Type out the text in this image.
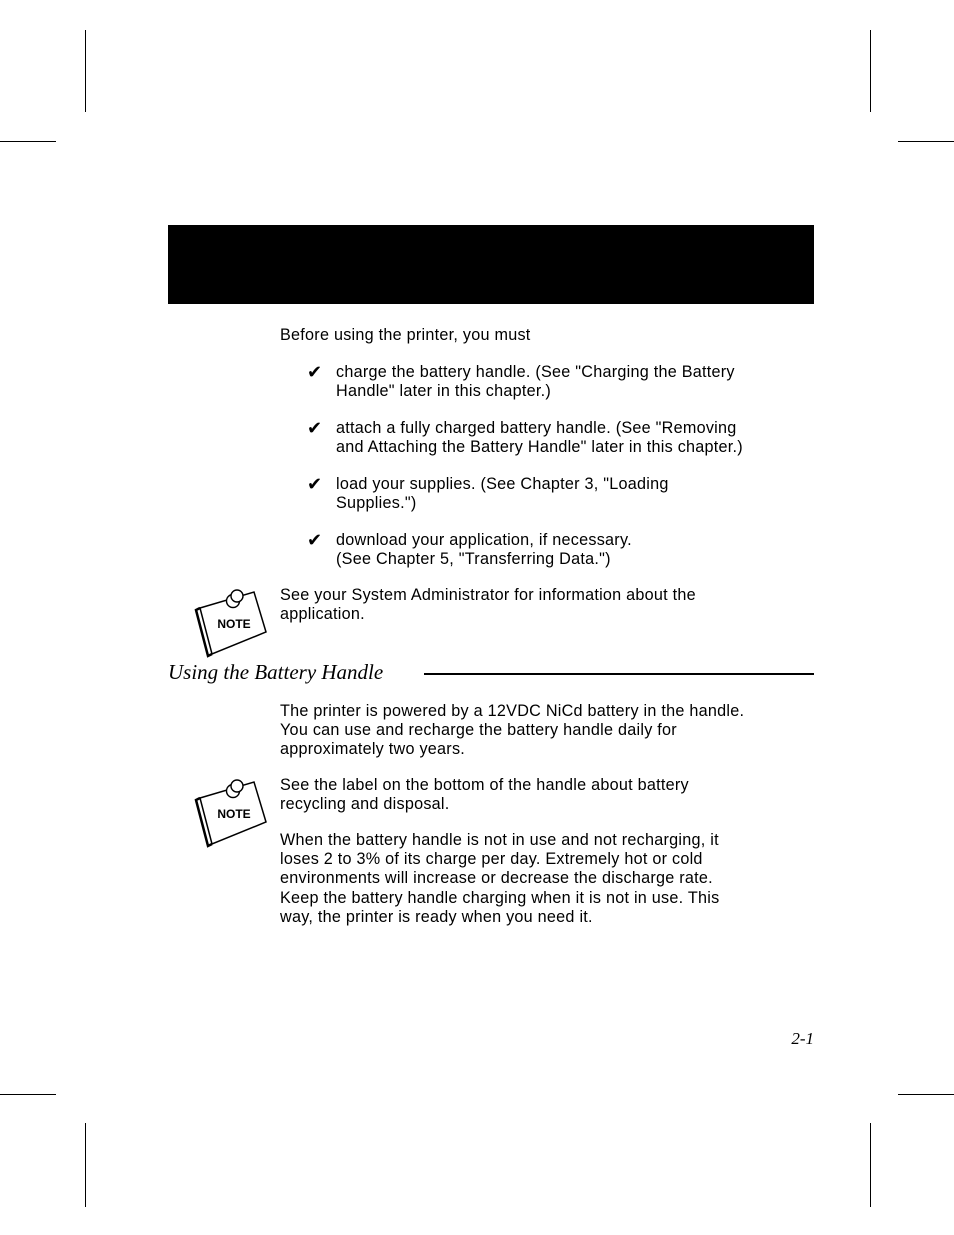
Before using the printer, you must
✔ charge the battery handle. (See "Charging the Battery
Handle" later in this chapter.)
✔ attach a fully charged battery handle. (See "Removing
and Attaching the Battery Handle" later in this chapter.)
✔ load your supplies. (See Chapter 3, "Loading
Supplies.")
✔ download your application, if necessary.
(See Chapter 5, "Transferring Data.")
NOTE
See your System Administrator for information about the
application.
Using the Battery Handle
The printer is powered by a 12VDC NiCd battery in the handle.
You can use and recharge the battery handle daily for
approximately two years.
NOTE
See the label on the bottom of the handle about battery
recycling and disposal.
When the battery handle is not in use and not recharging, it
loses 2 to 3% of its charge per day. Extremely hot or cold
environments will increase or decrease the discharge rate.
Keep the battery handle charging when it is not in use. This
way, the printer is ready when you need it.
2-1
